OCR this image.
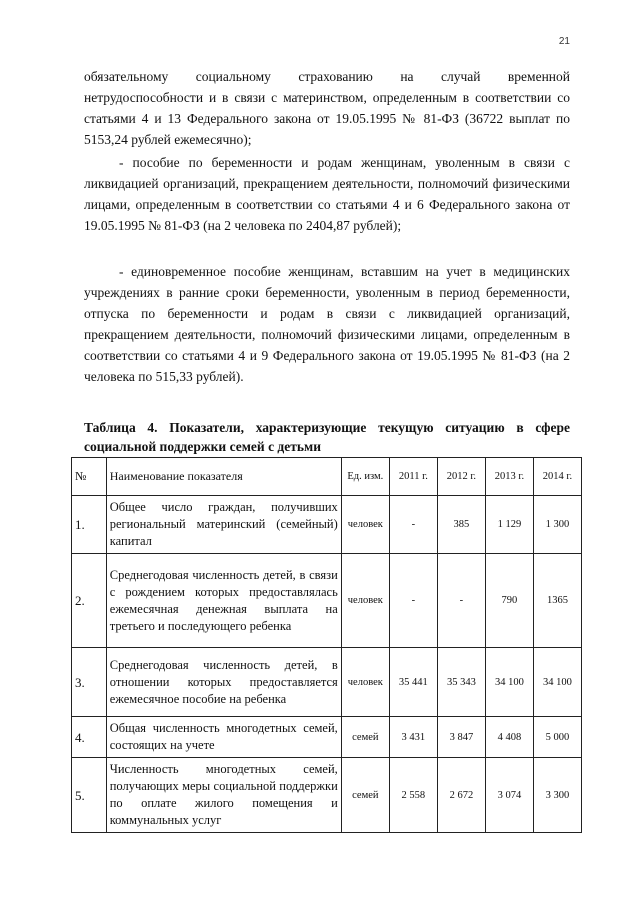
21
обязательному социальному страхованию на случай временной нетрудоспособности и в связи с материнством, определенным в соответствии со статьями 4 и 13 Федерального закона от 19.05.1995 № 81-ФЗ (36722 выплат по 5153,24 рублей ежемесячно);
- пособие по беременности и родам женщинам, уволенным в связи с ликвидацией организаций, прекращением деятельности, полномочий физическими лицами, определенным в соответствии со статьями 4 и 6 Федерального закона от 19.05.1995 № 81-ФЗ (на 2 человека по 2404,87 рублей);
- единовременное пособие женщинам, вставшим на учет в медицинских учреждениях в ранние сроки беременности, уволенным в период беременности, отпуска по беременности и родам в связи с ликвидацией организаций, прекращением деятельности, полномочий физическими лицами, определенным в соответствии со статьями 4 и 9 Федерального закона от 19.05.1995 № 81-ФЗ (на 2 человека по 515,33 рублей).
Таблица 4. Показатели, характеризующие текущую ситуацию в сфере социальной поддержки семей с детьми
№	Наименование показателя	Ед. изм.	2011 г.	2012 г.	2013 г.	2014 г.
1.	Общее число граждан, получивших региональный материнский (семейный) капитал	человек	-	385	1 129	1 300
2.	Среднегодовая численность детей, в связи с рождением которых предоставлялась ежемесячная денежная выплата на третьего и последующего ребенка	человек	-	-	790	1365
3.	Среднегодовая численность детей, в отношении которых предоставляется ежемесячное пособие на ребенка	человек	35 441	35 343	34 100	34 100
4.	Общая численность многодетных семей, состоящих на учете	семей	3 431	3 847	4 408	5 000
5.	Численность многодетных семей, получающих меры социальной поддержки по оплате жилого помещения и коммунальных услуг	семей	2 558	2 672	3 074	3 300
